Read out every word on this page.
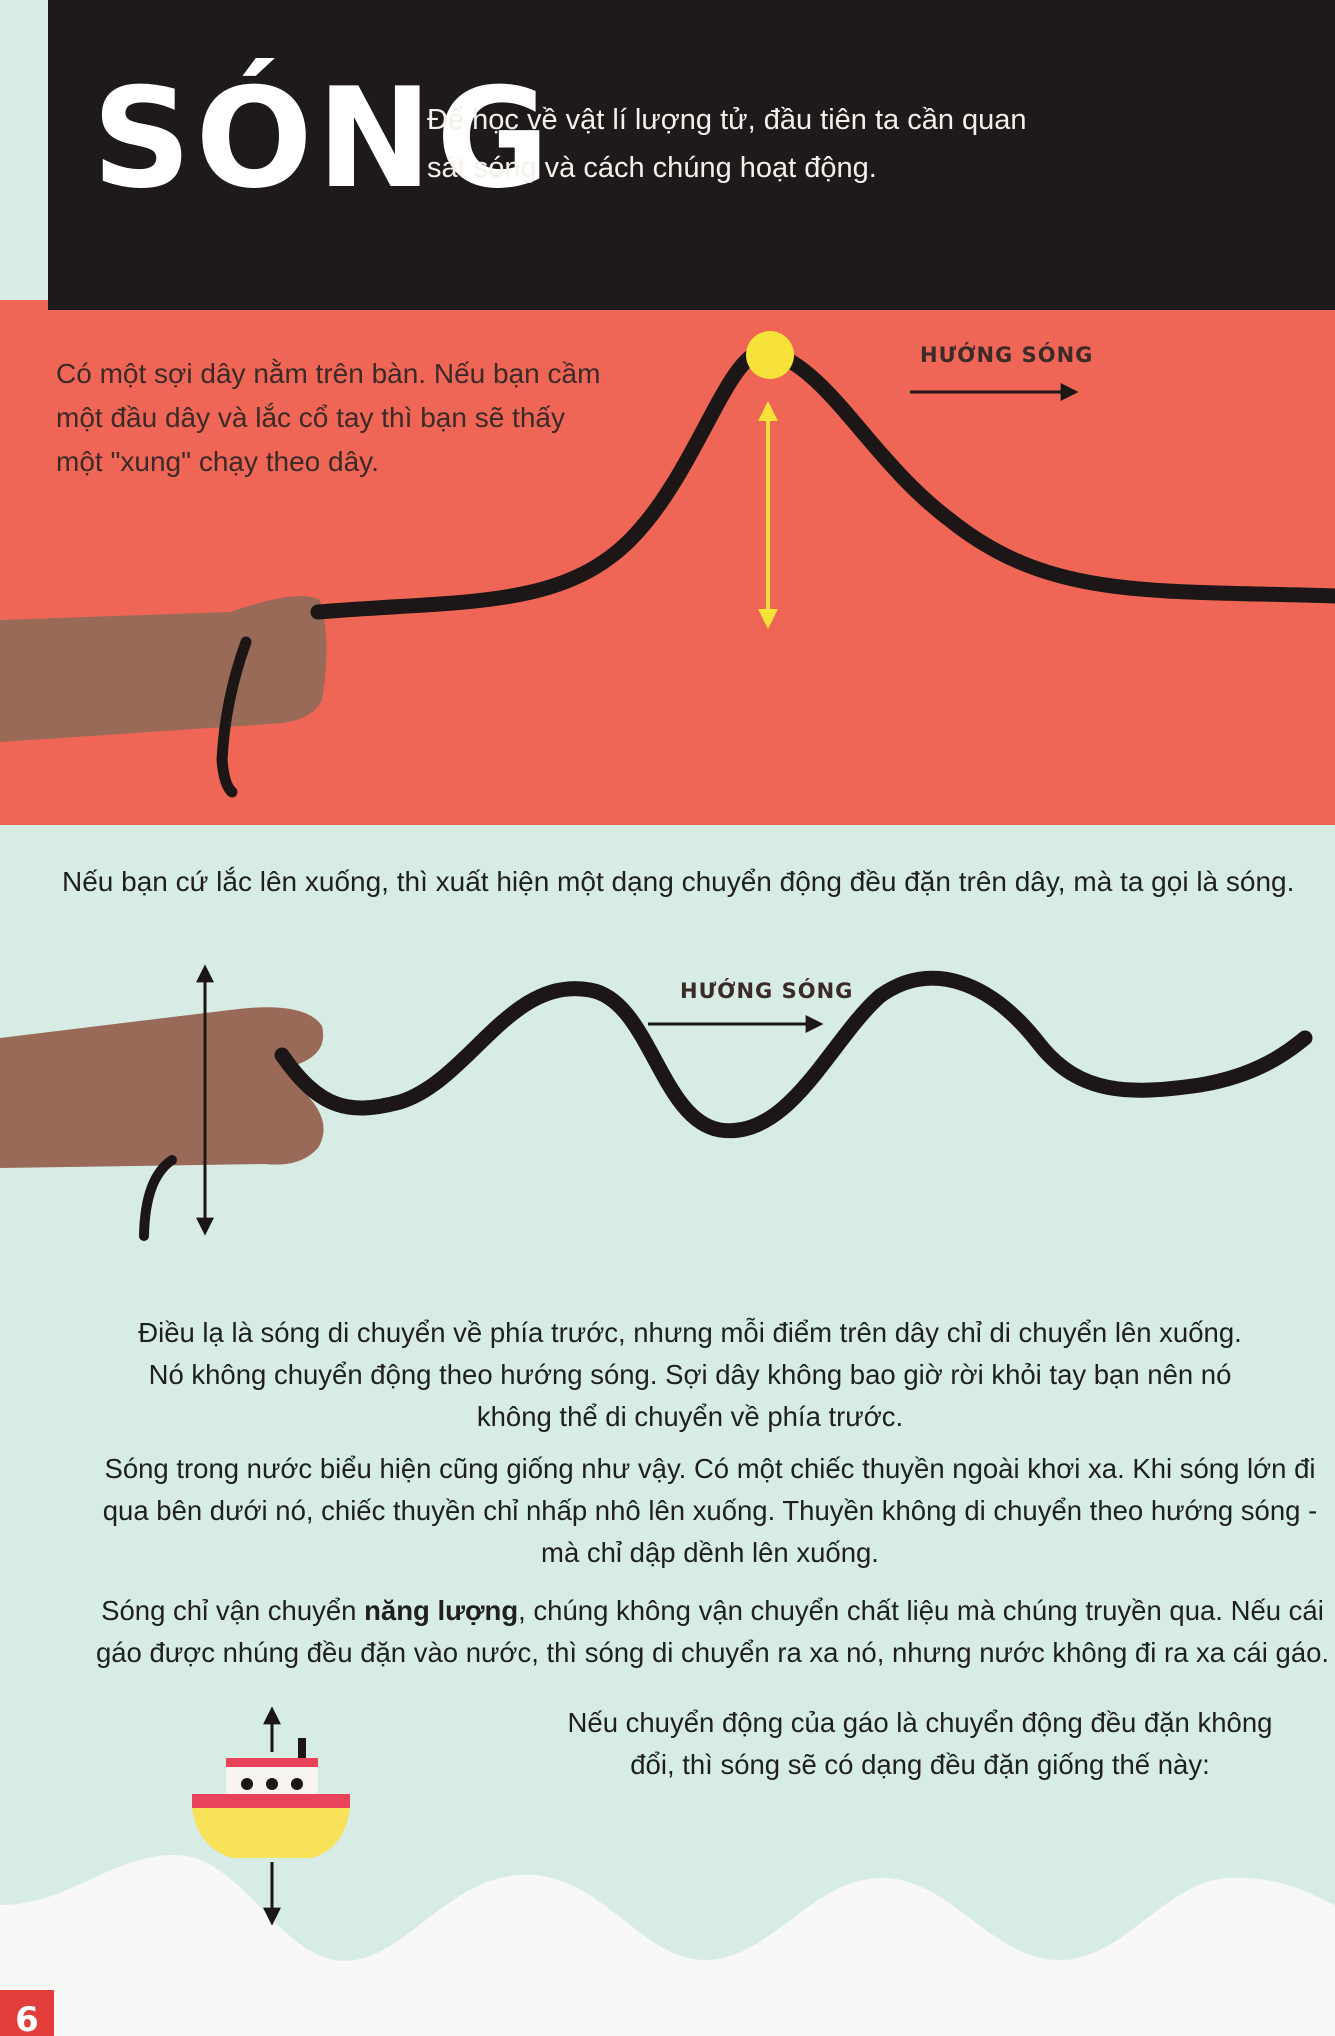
SÓNG
Để học về vật lí lượng tử, đầu tiên ta cần quan sát sóng và cách chúng hoạt động.
Có một sợi dây nằm trên bàn. Nếu bạn cầm một đầu dây và lắc cổ tay thì bạn sẽ thấy một "xung" chạy theo dây.
Nếu bạn cứ lắc lên xuống, thì xuất hiện một dạng chuyển động đều đặn trên dây, mà ta gọi là sóng.
Điều lạ là sóng di chuyển về phía trước, nhưng mỗi điểm trên dây chỉ di chuyển lên xuống. Nó không chuyển động theo hướng sóng. Sợi dây không bao giờ rời khỏi tay bạn nên nó không thể di chuyển về phía trước.
Sóng trong nước biểu hiện cũng giống như vậy. Có một chiếc thuyền ngoài khơi xa. Khi sóng lớn đi qua bên dưới nó, chiếc thuyền chỉ nhấp nhô lên xuống. Thuyền không di chuyển theo hướng sóng - mà chỉ dập dềnh lên xuống.
Sóng chỉ vận chuyển năng lượng, chúng không vận chuyển chất liệu mà chúng truyền qua. Nếu cái gáo được nhúng đều đặn vào nước, thì sóng di chuyển ra xa nó, nhưng nước không đi ra xa cái gáo.
Nếu chuyển động của gáo là chuyển động đều đặn không đổi, thì sóng sẽ có dạng đều đặn giống thế này:
HƯỚNG SÓNG
HƯỚNG SÓNG
6
